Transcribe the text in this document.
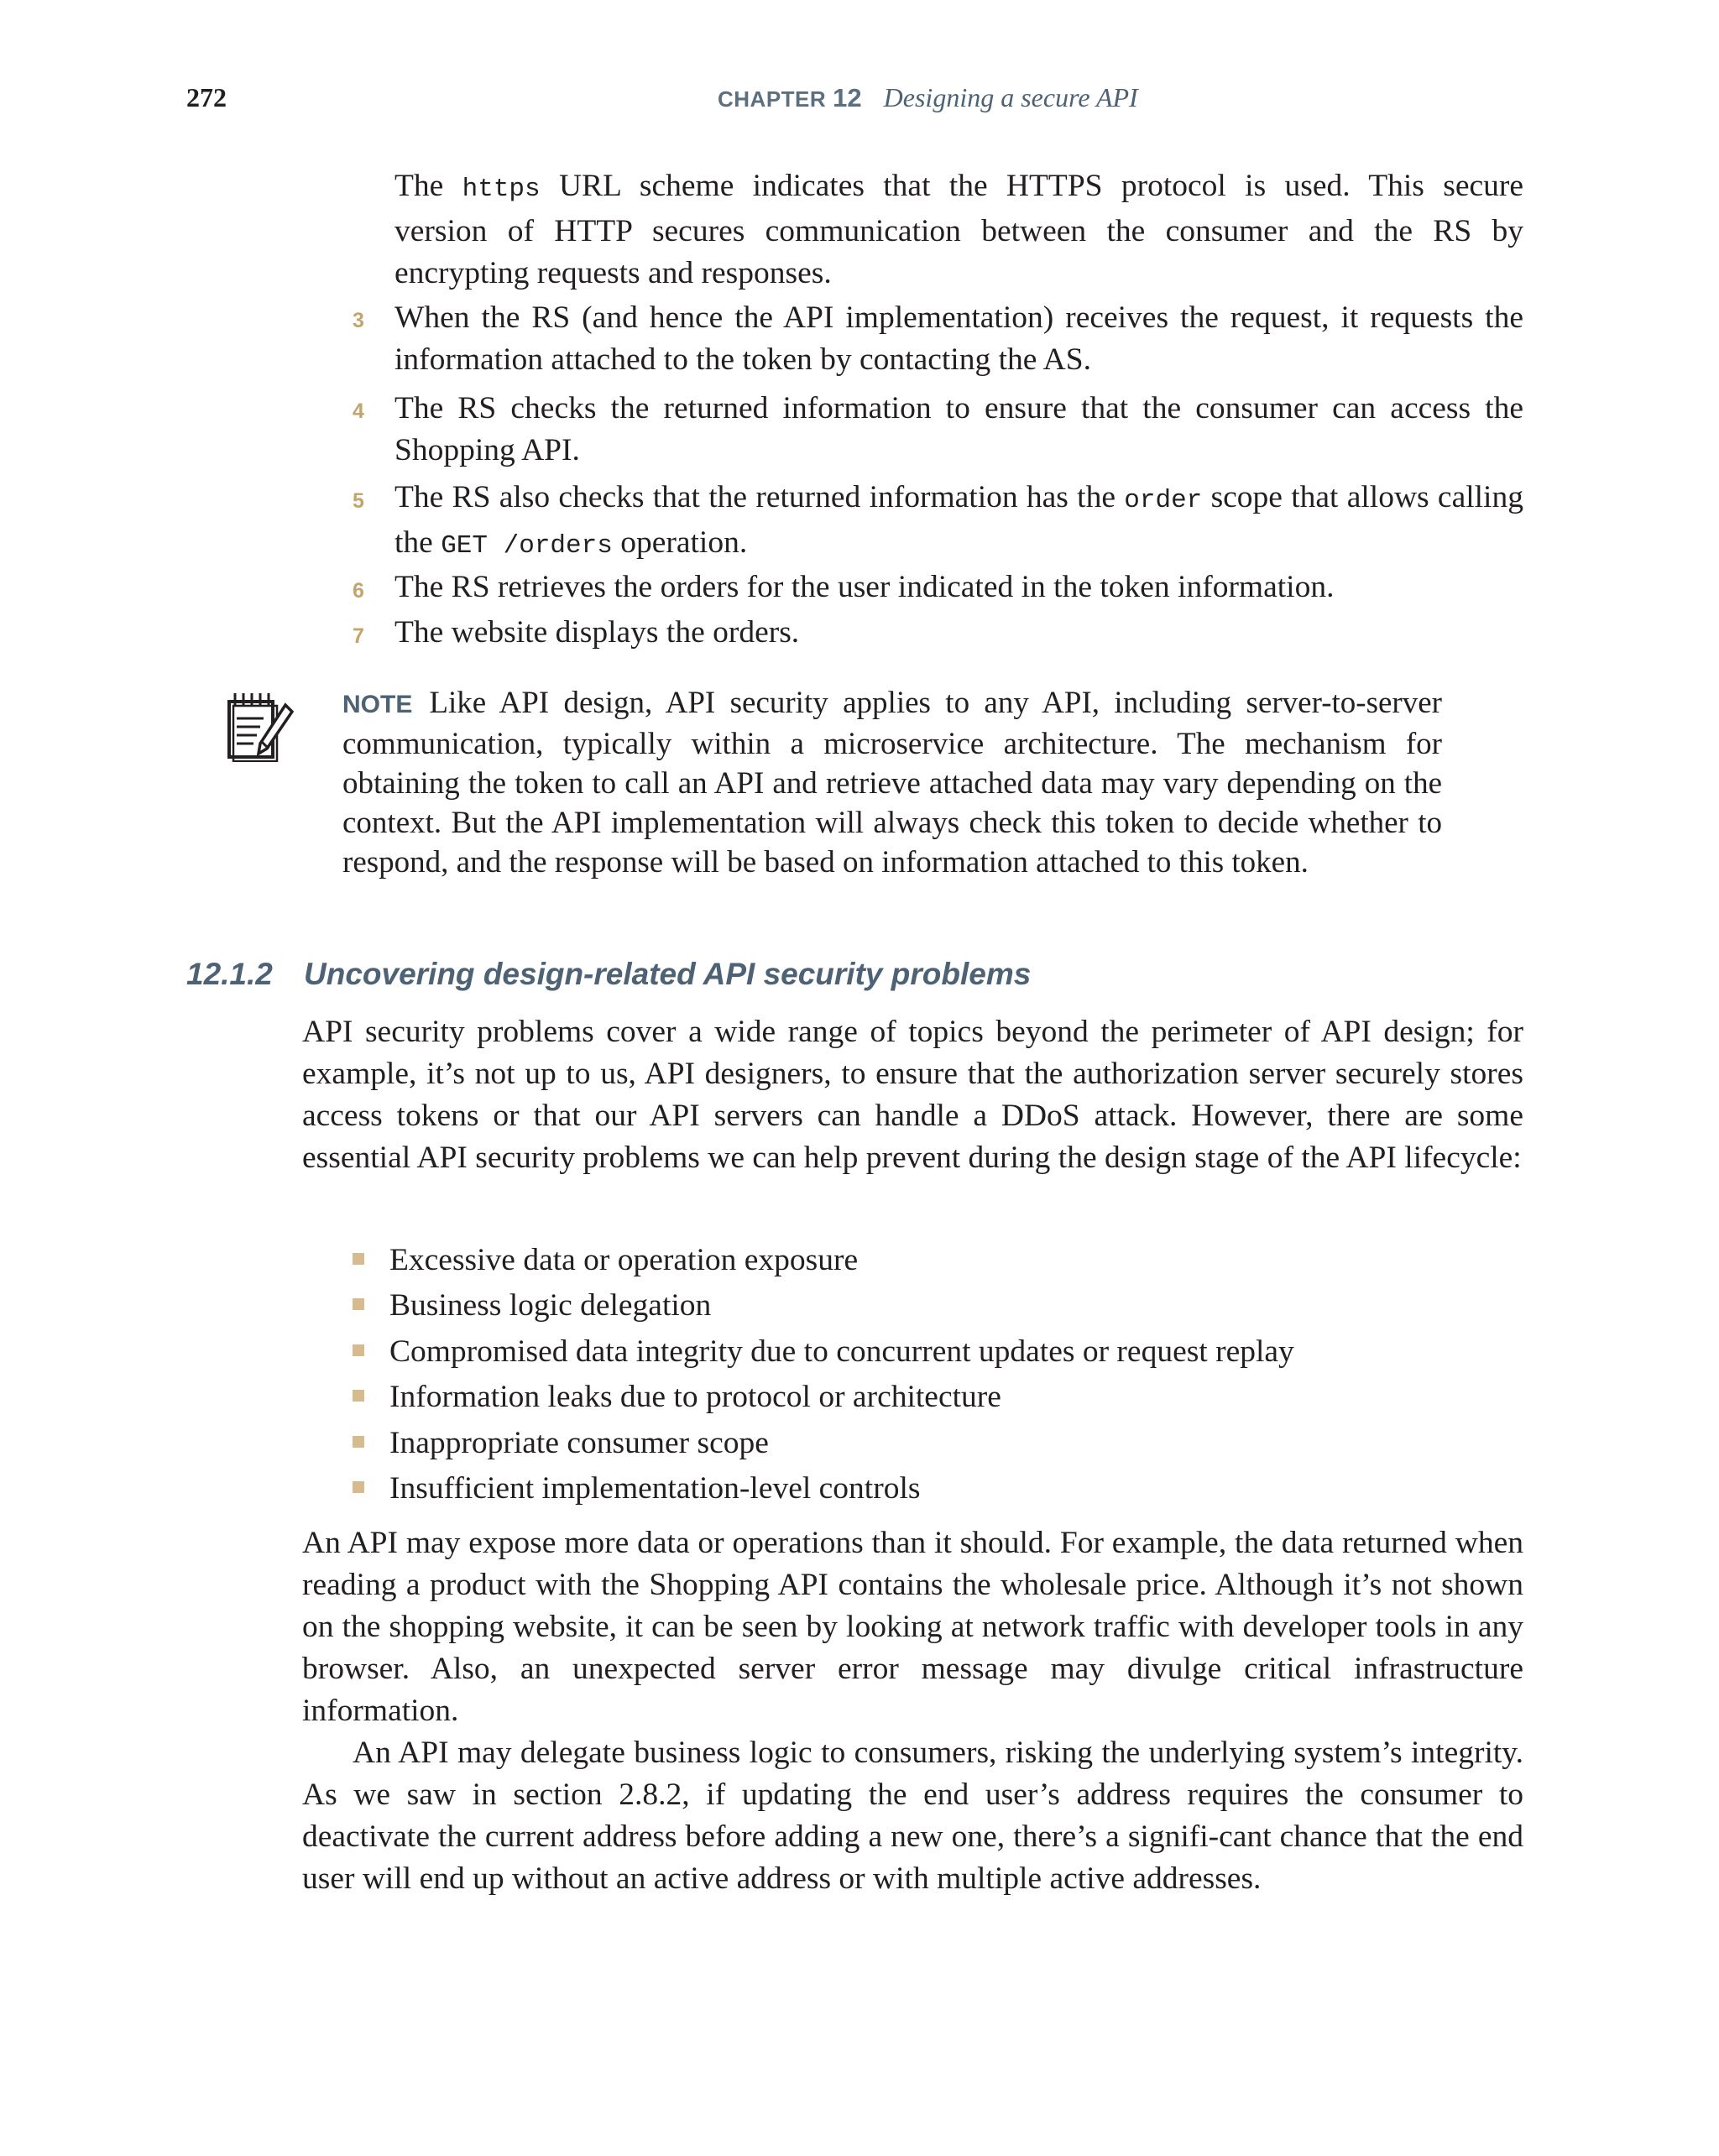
272	CHAPTER 12 Designing a secure API
The https URL scheme indicates that the HTTPS protocol is used. This secure
version of HTTP secures communication between the consumer and the RS by
encrypting requests and responses.
3 When the RS (and hence the API implementation) receives the request, it requests the information attached to the token by contacting the AS.
4 The RS checks the returned information to ensure that the consumer can access the Shopping API.
5 The RS also checks that the returned information has the order scope that allows calling the GET /orders operation.
6 The RS retrieves the orders for the user indicated in the token information.
7 The website displays the orders.
NOTE Like API design, API security applies to any API, including server-to-server communication, typically within a microservice architecture. The mechanism for obtaining the token to call an API and retrieve attached data may vary depending on the context. But the API implementation will always check this token to decide whether to respond, and the response will be based on information attached to this token.
12.1.2 Uncovering design-related API security problems
API security problems cover a wide range of topics beyond the perimeter of API design; for example, it’s not up to us, API designers, to ensure that the authorization server securely stores access tokens or that our API servers can handle a DDoS attack. However, there are some essential API security problems we can help prevent during the design stage of the API lifecycle:
Excessive data or operation exposure
Business logic delegation
Compromised data integrity due to concurrent updates or request replay
Information leaks due to protocol or architecture
Inappropriate consumer scope
Insufficient implementation-level controls
An API may expose more data or operations than it should. For example, the data returned when reading a product with the Shopping API contains the wholesale price. Although it’s not shown on the shopping website, it can be seen by looking at network traffic with developer tools in any browser. Also, an unexpected server error message may divulge critical infrastructure information.
An API may delegate business logic to consumers, risking the underlying system’s integrity. As we saw in section 2.8.2, if updating the end user’s address requires the consumer to deactivate the current address before adding a new one, there’s a signifi-cant chance that the end user will end up without an active address or with multiple active addresses.
